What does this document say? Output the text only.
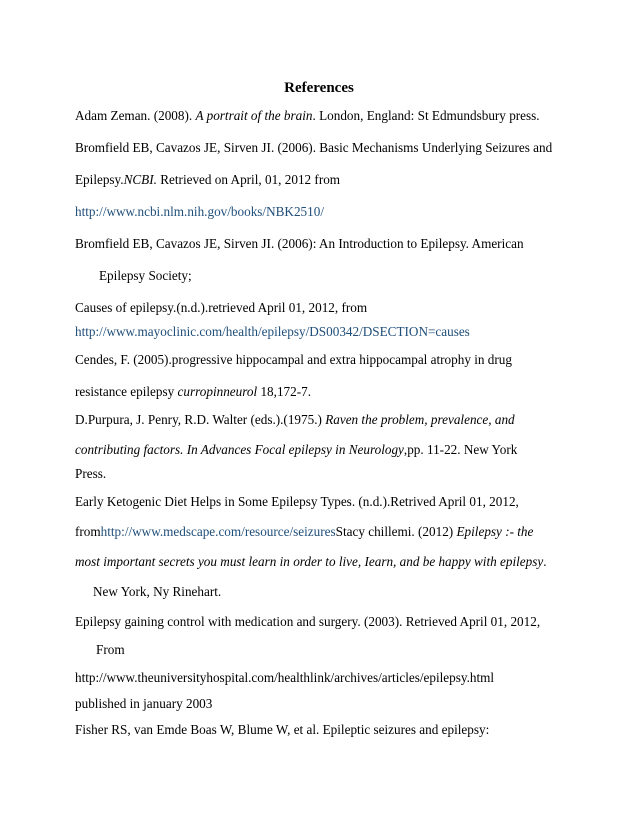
References
Adam Zeman. (2008). A portrait of the brain. London, England: St Edmundsbury press.
Bromfield EB, Cavazos JE, Sirven JI. (2006). Basic Mechanisms Underlying Seizures and
Epilepsy.NCBI. Retrieved on April, 01, 2012 from
http://www.ncbi.nlm.nih.gov/books/NBK2510/
Bromfield EB, Cavazos JE, Sirven JI. (2006): An Introduction to Epilepsy. American
Epilepsy Society;
Causes of epilepsy.(n.d.).retrieved April 01, 2012, from
http://www.mayoclinic.com/health/epilepsy/DS00342/DSECTION=causes
Cendes, F. (2005).progressive hippocampal and extra hippocampal atrophy in drug
resistance epilepsy curropinneurol 18,172-7.
D.Purpura, J. Penry, R.D. Walter (eds.).(1975.) Raven the problem, prevalence, and
contributing factors. In Advances Focal epilepsy in Neurology,pp. 11-22. New York
Press.
Early Ketogenic Diet Helps in Some Epilepsy Types. (n.d.).Retrived April 01, 2012,
fromhttp://www.medscape.com/resource/seizuresStacy chillemi. (2012) Epilepsy :- the
most important secrets you must learn in order to live, Iearn, and be happy with epilepsy.
New York, Ny Rinehart.
Epilepsy gaining control with medication and surgery. (2003). Retrieved April 01, 2012,
From
http://www.theuniversityhospital.com/healthlink/archives/articles/epilepsy.html
published in january 2003
Fisher RS, van Emde Boas W, Blume W, et al. Epileptic seizures and epilepsy:
